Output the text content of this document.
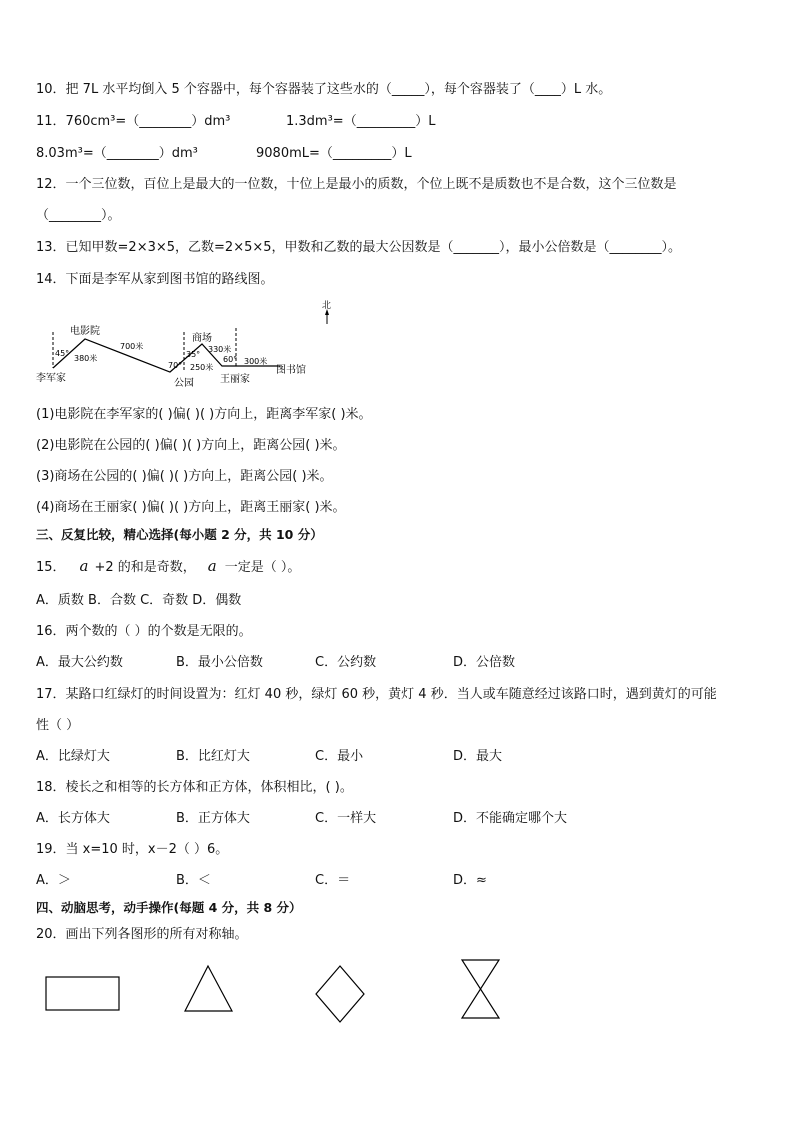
10．把 7L 水平均倒入 5 个容器中，每个容器装了这些水的（_____），每个容器装了（____）L 水。
11．760cm³=（________）dm³	1.3dm³=（_________）L
8.03m³=（________）dm³	9080mL=（_________）L
12．一个三位数，百位上是最大的一位数，十位上是最小的质数，个位上既不是质数也不是合数，这个三位数是
（________）。
13．已知甲数=2×3×5，乙数=2×5×5，甲数和乙数的最大公因数是（_______），最小公倍数是（________）。
14．下面是李军从家到图书馆的路线图。
北
电影院
商场
李军家	公园	王丽家
图书馆
45°
380米
700米
70°
35°
250米
330米
60° 300米
(1)电影院在李军家的( )偏( )( )方向上，距离李军家( )米。
(2)电影院在公园的( )偏( )( )方向上，距离公园( )米。
(3)商场在公园的( )偏( )( )方向上，距离公园( )米。
(4)商场在王丽家( )偏( )( )方向上，距离王丽家( )米。
三、反复比较，精心选择(每小题 2 分，共 10 分）
15． a +2 的和是奇数， a 一定是（ ）。
A．质数 B．合数 C．奇数 D．偶数
16．两个数的（ ）的个数是无限的。
A．最大公约数	B．最小公倍数	C．公约数	D．公倍数
17．某路口红绿灯的时间设置为：红灯 40 秒，绿灯 60 秒，黄灯 4 秒．当人或车随意经过该路口时，遇到黄灯的可能
性（ ）
A．比绿灯大	B．比红灯大	C．最小	D．最大
18．棱长之和相等的长方体和正方体，体积相比，( )。
A．长方体大	B．正方体大	C．一样大	D．不能确定哪个大
19．当 x=10 时，x－2（ ）6。
A．＞	B．＜	C．＝	D．≈
四、动脑思考，动手操作(每题 4 分，共 8 分）
20．画出下列各图形的所有对称轴。
